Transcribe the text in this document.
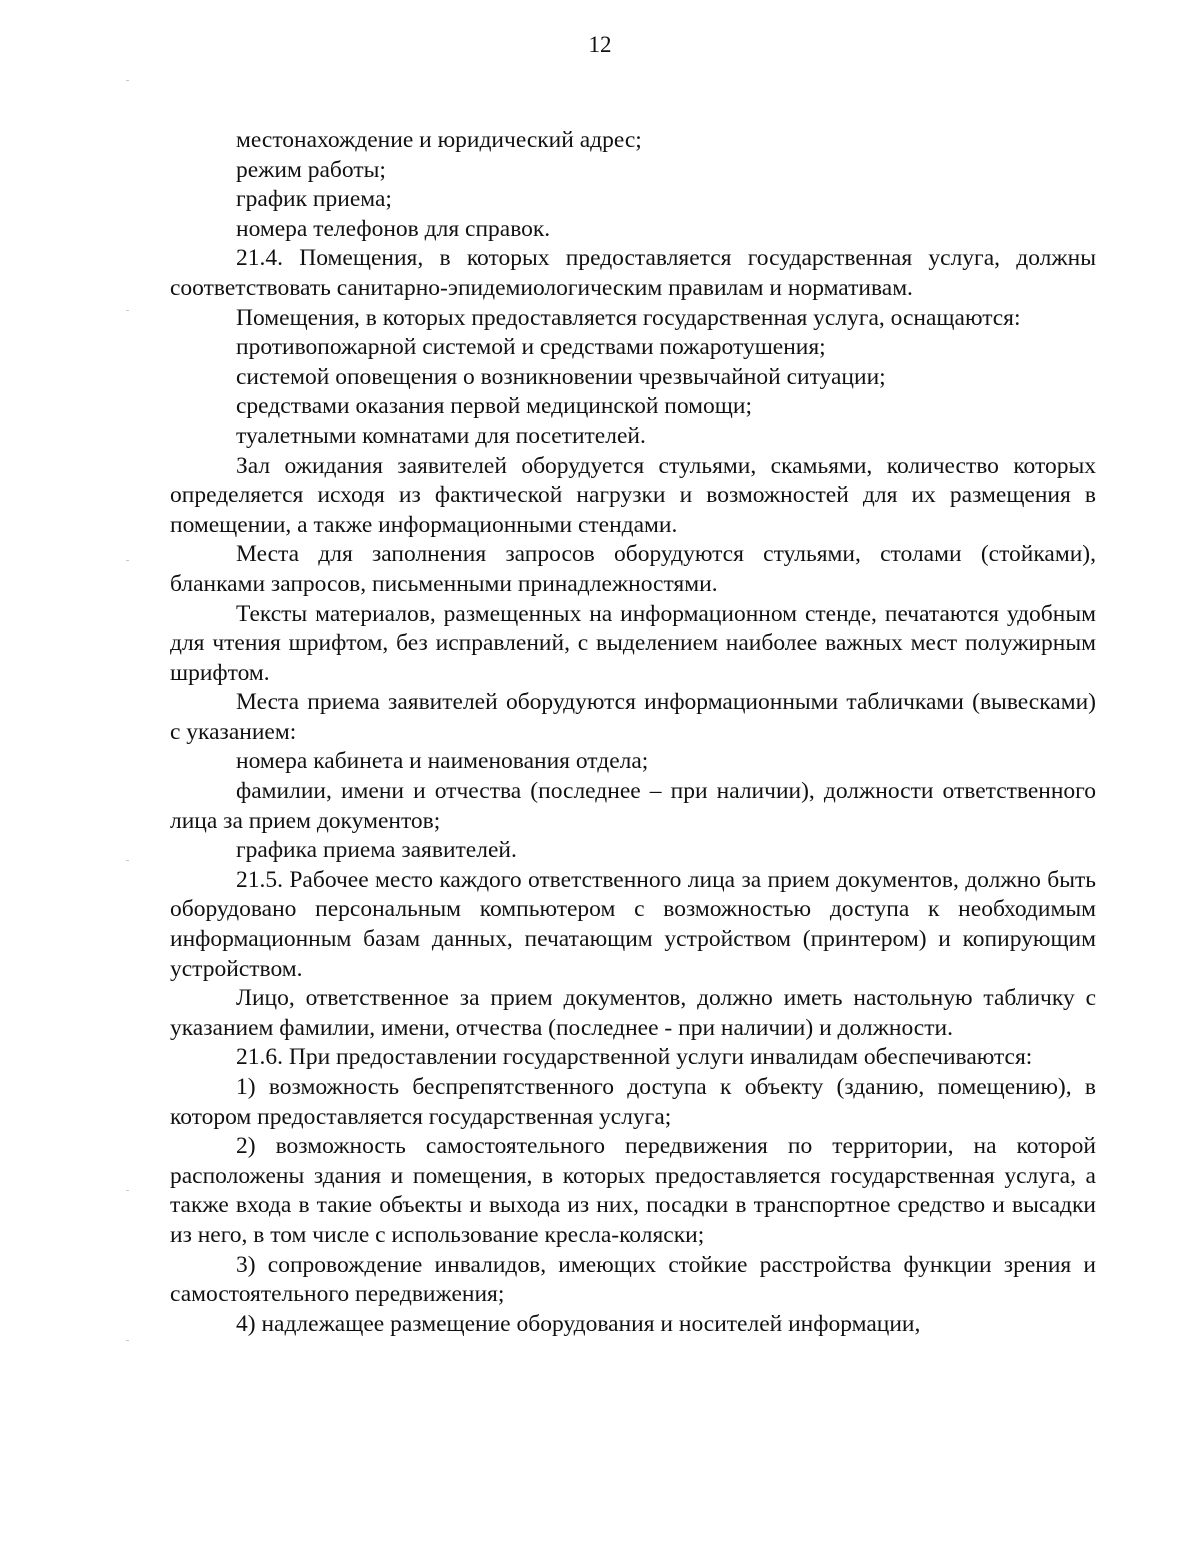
12

местонахождение и юридический адрес;

режим работы;

график приема;

номера телефонов для справок.

21.4. Помещения, в которых предоставляется государственная услуга, должны соответствовать санитарно-эпидемиологическим правилам и нормативам.

Помещения, в которых предоставляется государственная услуга, оснащаются:

противопожарной системой и средствами пожаротушения;

системой оповещения о возникновении чрезвычайной ситуации;

средствами оказания первой медицинской помощи;

туалетными комнатами для посетителей.

Зал ожидания заявителей оборудуется стульями, скамьями, количество которых определяется исходя из фактической нагрузки и возможностей для их размещения в помещении, а также информационными стендами.

Места для заполнения запросов оборудуются стульями, столами (стойками), бланками запросов, письменными принадлежностями.

Тексты материалов, размещенных на информационном стенде, печатаются удобным для чтения шрифтом, без исправлений, с выделением наиболее важных мест полужирным шрифтом.

Места приема заявителей оборудуются информационными табличками (вывесками) с указанием:

номера кабинета и наименования отдела;

фамилии, имени и отчества (последнее – при наличии), должности ответственного лица за прием документов;

графика приема заявителей.

21.5. Рабочее место каждого ответственного лица за прием документов, должно быть оборудовано персональным компьютером с возможностью доступа к необходимым информационным базам данных, печатающим устройством (принтером) и копирующим устройством.

Лицо, ответственное за прием документов, должно иметь настольную табличку с указанием фамилии, имени, отчества (последнее - при наличии) и должности.

21.6. При предоставлении государственной услуги инвалидам обеспечиваются:

1) возможность беспрепятственного доступа к объекту (зданию, помещению), в котором предоставляется государственная услуга;

2) возможность самостоятельного передвижения по территории, на которой расположены здания и помещения, в которых предоставляется государственная услуга, а также входа в такие объекты и выхода из них, посадки в транспортное средство и высадки из него, в том числе с использование кресла-коляски;

3) сопровождение инвалидов, имеющих стойкие расстройства функции зрения и самостоятельного передвижения;

4) надлежащее размещение оборудования и носителей информации,
